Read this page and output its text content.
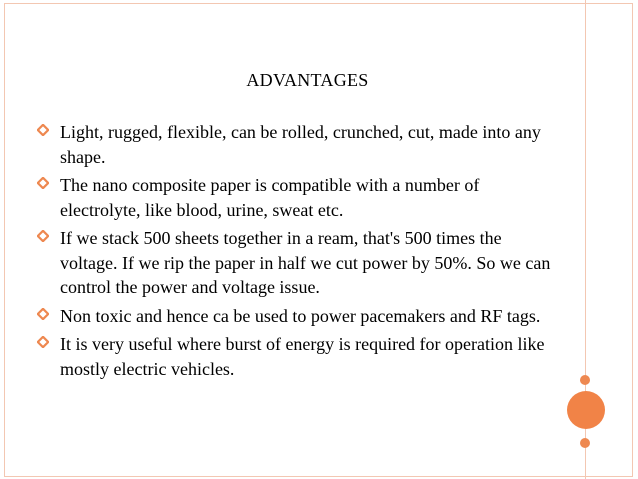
ADVANTAGES
Light, rugged, flexible, can be rolled, crunched, cut, made into any shape.
The nano composite paper is compatible with a number of electrolyte, like blood, urine, sweat etc.
If we stack 500 sheets together in a ream, that's 500 times the voltage. If we rip the paper in half we cut power by 50%. So we can control the power and voltage issue.
Non toxic and hence ca be used to power pacemakers and RF tags.
It is very useful where burst of energy is required for operation like mostly electric vehicles.
